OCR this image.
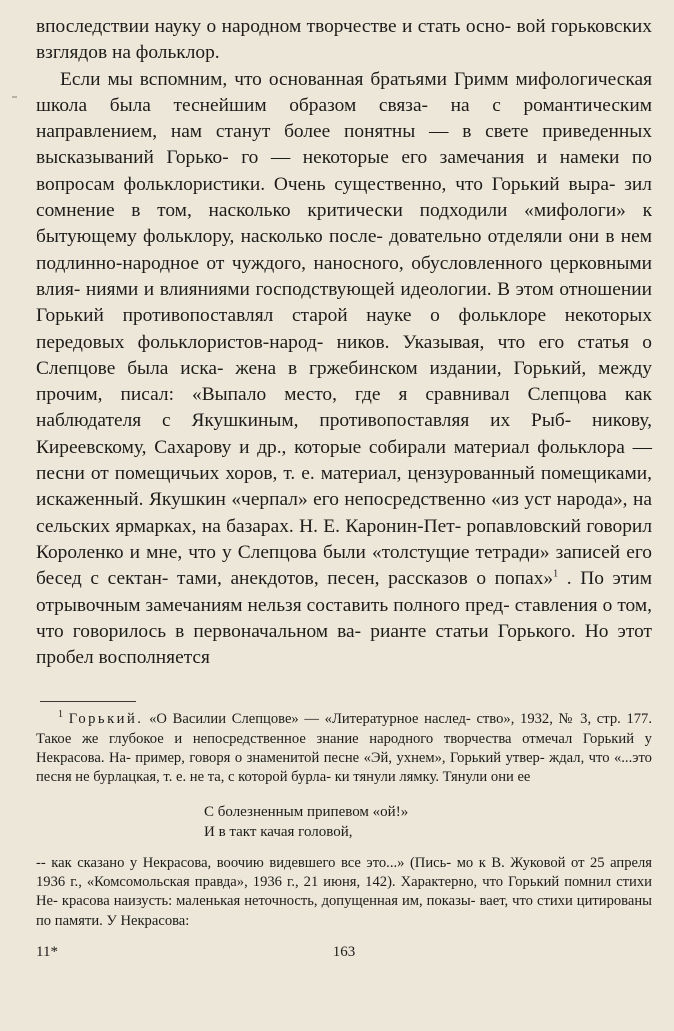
впоследствии науку о народном творчестве и стать осно- вой горьковских взглядов на фольклор.

Если мы вспомним, что основанная братьями Гримм мифологическая школа была теснейшим образом связа- на с романтическим направлением, нам станут более понятны — в свете приведенных высказываний Горько- го — некоторые его замечания и намеки по вопросам фольклористики. Очень существенно, что Горький выра- зил сомнение в том, насколько критически подходили «мифологи» к бытующему фольклору, насколько после- довательно отделяли они в нем подлинно-народное от чуждого, наносного, обусловленного церковными влия- ниями и влияниями господствующей идеологии. В этом отношении Горький противопоставлял старой науке о фольклоре некоторых передовых фольклористов-народ- ников. Указывая, что его статья о Слепцове была иска- жена в гржебинском издании, Горький, между прочим, писал: «Выпало место, где я сравнивал Слепцова как наблюдателя с Якушкиным, противопоставляя их Рыб- никову, Киреевскому, Сахарову и др., которые собирали материал фольклора — песни от помещичьих хоров, т. е. материал, цензурованный помещиками, искаженный. Якушкин «черпал» его непосредственно «из уст народа», на сельских ярмарках, на базарах. Н. Е. Каронин-Пет- ропавловский говорил Короленко и мне, что у Слепцова были «толстущие тетради» записей его бесед с сектан- тами, анекдотов, песен, рассказов о попах»$^1$ . По этим отрывочным замечаниям нельзя составить полного пред- ставления о том, что говорилось в первоначальном ва- рианте статьи Горького. Но этот пробел восполняется

$^1$ Горький. «О Василии Слепцове» — «Литературное наслед- ство», 1932, № 3, стр. 177. Такое же глубокое и непосредственное знание народного творчества отмечал Горький у Некрасова. На- пример, говоря о знаменитой песне «Эй, ухнем», Горький утвер- ждал, что «...это песня не бурлацкая, т. е. не та, с которой бурла- ки тянули лямку. Тянули они ее

С болезненным припевом «ой!»
И в такт качая головой,

-- как сказано у Некрасова, воочию видевшего все это...» (Пись- мо к В. Жуковой от 25 апреля 1936 г., «Комсомольская правда», 1936 г., 21 июня, 142). Характерно, что Горький помнил стихи Не- красова наизусть: маленькая неточность, допущенная им, показы- вает, что стихи цитированы по памяти. У Некрасова:

11*	163
